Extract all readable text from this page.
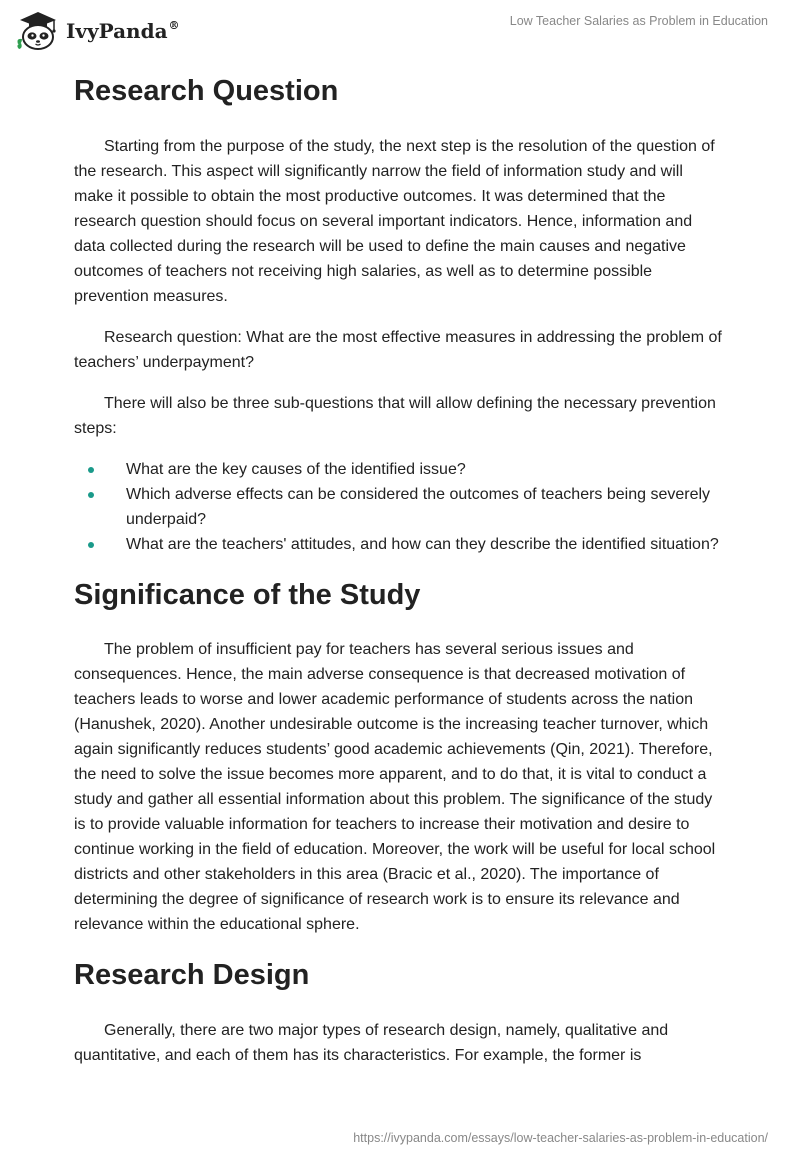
IvyPanda®	Low Teacher Salaries as Problem in Education
Research Question

Starting from the purpose of the study, the next step is the resolution of the question of the research. This aspect will significantly narrow the field of information study and will make it possible to obtain the most productive outcomes. It was determined that the research question should focus on several important indicators. Hence, information and data collected during the research will be used to define the main causes and negative outcomes of teachers not receiving high salaries, as well as to determine possible prevention measures.

Research question: What are the most effective measures in addressing the problem of teachers’ underpayment?

There will also be three sub-questions that will allow defining the necessary prevention steps:

What are the key causes of the identified issue?
Which adverse effects can be considered the outcomes of teachers being severely underpaid?
What are the teachers' attitudes, and how can they describe the identified situation?
Significance of the Study

The problem of insufficient pay for teachers has several serious issues and consequences. Hence, the main adverse consequence is that decreased motivation of teachers leads to worse and lower academic performance of students across the nation (Hanushek, 2020). Another undesirable outcome is the increasing teacher turnover, which again significantly reduces students’ good academic achievements (Qin, 2021). Therefore, the need to solve the issue becomes more apparent, and to do that, it is vital to conduct a study and gather all essential information about this problem. The significance of the study is to provide valuable information for teachers to increase their motivation and desire to continue working in the field of education. Moreover, the work will be useful for local school districts and other stakeholders in this area (Bracic et al., 2020). The importance of determining the degree of significance of research work is to ensure its relevance and relevance within the educational sphere.

Research Design

Generally, there are two major types of research design, namely, qualitative and quantitative, and each of them has its characteristics. For example, the former is

https://ivypanda.com/essays/low-teacher-salaries-as-problem-in-education/
